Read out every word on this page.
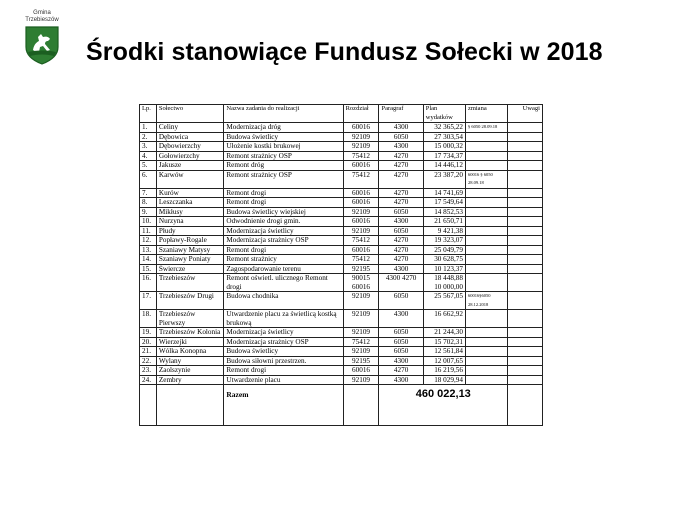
Gmina
Trzebieszów
Środki stanowiące Fundusz Sołecki w 2018
Lp.	Sołectwo	Nazwa zadania do realizacji	Rozdział	Paragraf	Plan wydatków	zmiana	Uwagi
1.	Celiny	Modernizacja dróg	60016	4300	32 365,22	§ 6050 28.09.18	
2.	Dębowica	Budowa świetlicy	92109	6050	27 303,54		
3.	Dębowierzchy	Ułożenie kostki brukowej	92109	4300	15 000,32		
4.	Gołowierzchy	Remont strażnicy OSP	75412	4270	17 734,37		
5.	Jakusze	Remont dróg	60016	4270	14 446,12		
6.	Karwów	Remont strażnicy OSP	75412	4270	23 387,20	60016 § 6050 28.09.18	
7.	Kurów	Remont drogi	60016	4270	14 741,69		
8.	Leszczanka	Remont drogi	60016	4270	17 549,64		
9.	Mikłusy	Budowa świetlicy wiejskiej	92109	6050	14 852,53		
10.	Nurzyna	Odwodnienie drogi gmin.	60016	4300	21 650,71		
11.	Płudy	Modernizacja świetlicy	92109	6050	9 421,38		
12.	Popławy-Rogale	Modernizacja strażnicy OSP	75412	4270	19 323,07		
13.	Szaniawy Matysy	Remont drogi	60016	4270	25 049,79		
14.	Szaniawy Poniaty	Remont strażnicy	75412	4270	30 628,75		
15.	Świercze	Zagospodarowanie terenu	92195	4300	10 123,37		
16.	Trzebieszów	Remont oświetl. ulicznego Remont drogi	90015 60016	4300 4270	18 448,88 10 000,00		
17.	Trzebieszów Drugi	Budowa chodnika	92109	6050	25 567,05	60016§6050 28.12.2018	
18.	Trzebieszów Pierwszy	Utwardzenie placu za świetlicą kostką brukową	92109	4300	16 662,92		
19.	Trzebieszów Kolonia	Modernizacja świetlicy	92109	6050	21 244,30		
20.	Wierzejki	Modernizacja strażnicy OSP	75412	6050	15 702,31		
21.	Wólka Konopna	Budowa świetlicy	92109	6050	12 561,84		
22.	Wylany	Budowa siłowni przestrzen.	92195	4300	12 007,65		
23.	Zaolszynie	Remont drogi	60016	4270	16 219,56		
24.	Zembry	Utwardzenie placu	92109	4300	18 029,94		
		Razem		460 022,13			
